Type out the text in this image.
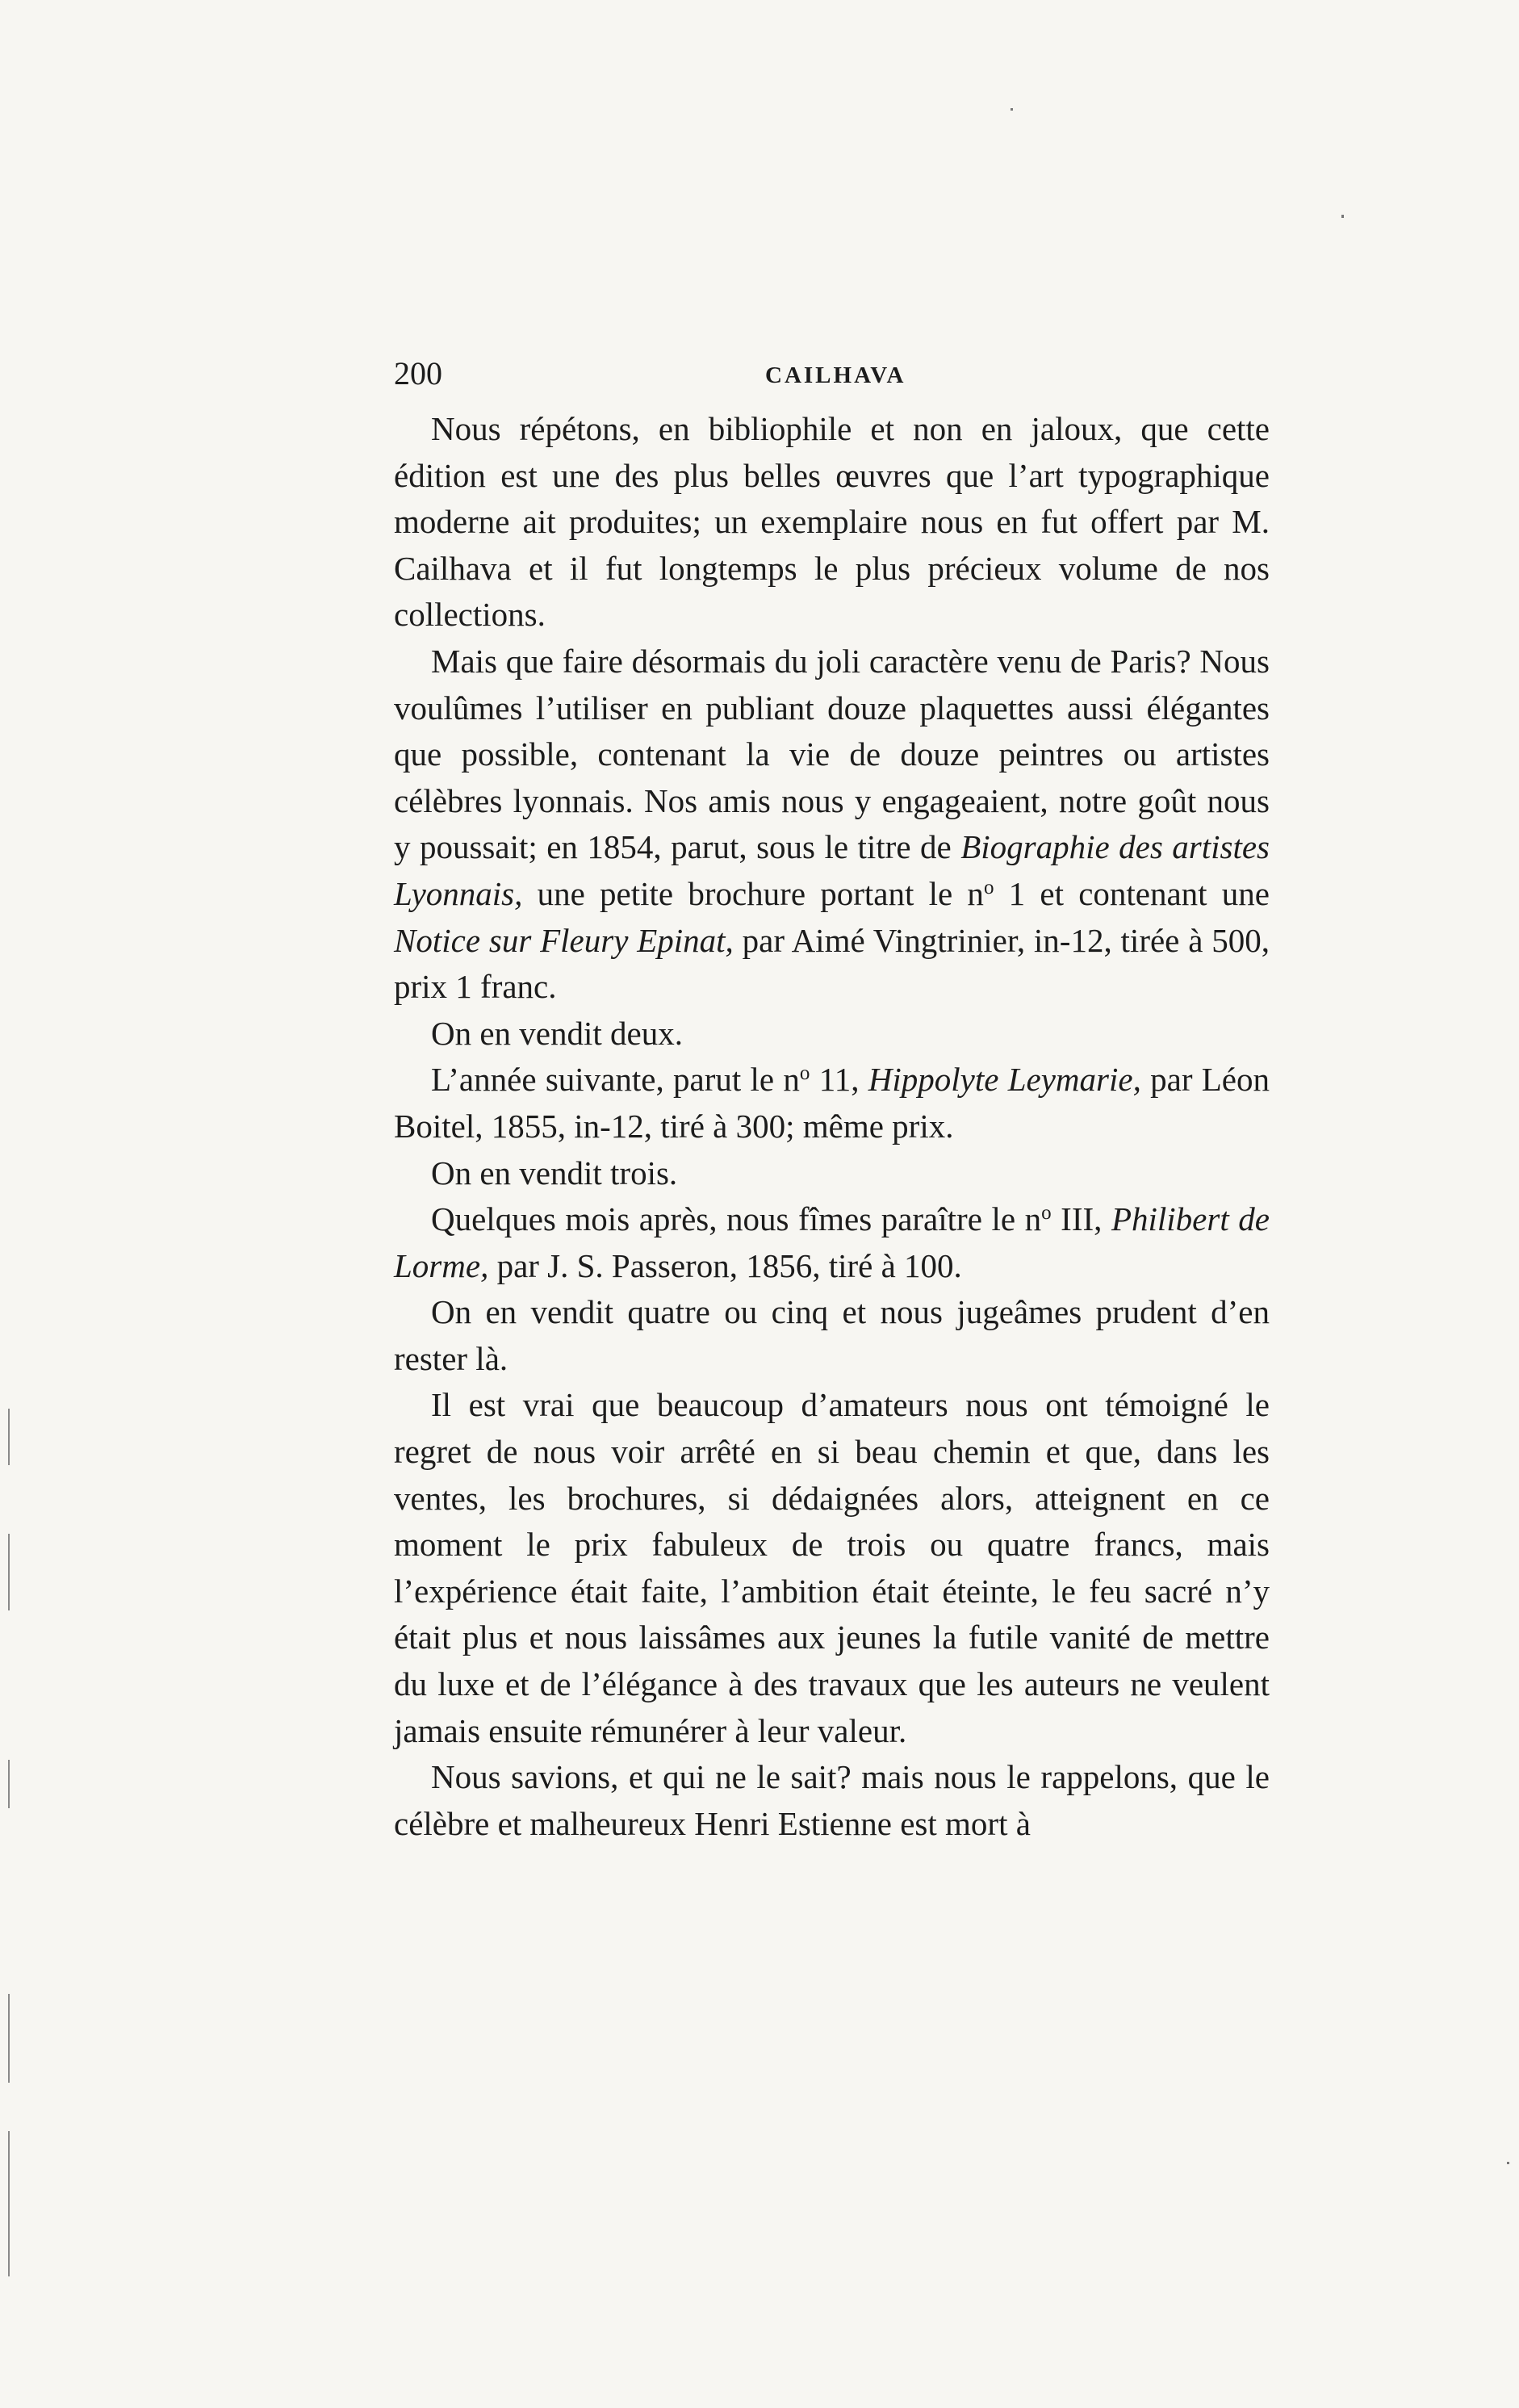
200	CAILHAVA

Nous répétons, en bibliophile et non en jaloux, que cette édition est une des plus belles œuvres que l’art typographique moderne ait produites; un exemplaire nous en fut offert par M. Cailhava et il fut longtemps le plus précieux volume de nos collections.

Mais que faire désormais du joli caractère venu de Paris? Nous voulûmes l’utiliser en publiant douze plaquettes aussi élégantes que possible, contenant la vie de douze peintres ou artistes célèbres lyonnais. Nos amis nous y engageaient, notre goût nous y poussait; en 1854, parut, sous le titre de Biographie des artistes Lyonnais, une petite brochure portant le $n^o$ 1 et contenant une Notice sur Fleury Epinat, par Aimé Vingtrinier, in-12, tirée à 500, prix 1 franc.

On en vendit deux.

L’année suivante, parut le $n^o$ 11, Hippolyte Leymarie, par Léon Boitel, 1855, in-12, tiré à 300; même prix.

On en vendit trois.

Quelques mois après, nous fîmes paraître le $n^o$ III, Philibert de Lorme, par J. S. Passeron, 1856, tiré à 100.

On en vendit quatre ou cinq et nous jugeâmes prudent d’en rester là.

Il est vrai que beaucoup d’amateurs nous ont témoigné le regret de nous voir arrêté en si beau chemin et que, dans les ventes, les brochures, si dédaignées alors, atteignent en ce moment le prix fabuleux de trois ou quatre francs, mais l’expérience était faite, l’ambition était éteinte, le feu sacré n’y était plus et nous laissâmes aux jeunes la futile vanité de mettre du luxe et de l’élégance à des travaux que les auteurs ne veulent jamais ensuite rémunérer à leur valeur.

Nous savions, et qui ne le sait? mais nous le rappelons, que le célèbre et malheureux Henri Estienne est mort à
